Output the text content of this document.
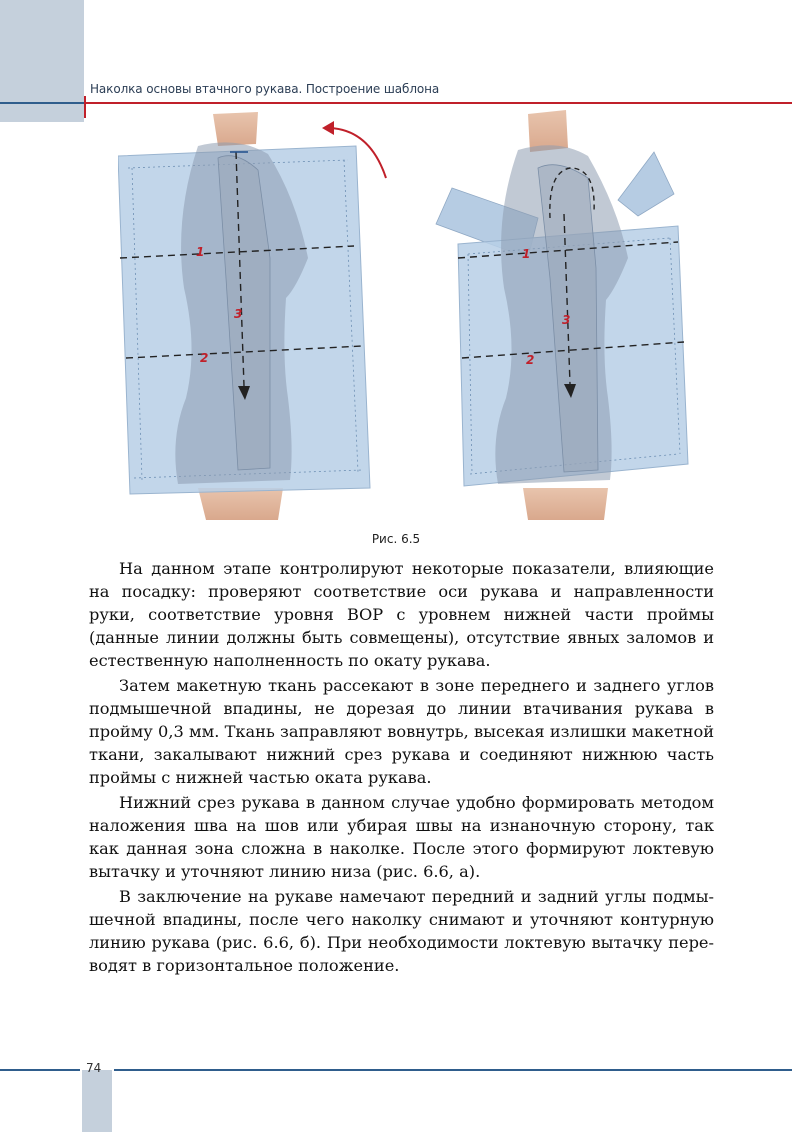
Наколка основы втачного рукава. Построение шаблона
1
2
3
1
2
3
Рис. 6.5

На данном этапе контролируют некоторые показатели, влияющие на посадку: проверяют соответствие оси рукава и направленности руки, соответствие уровня ВОР с уровнем нижней части проймы (данные линии должны быть совмещены), отсутствие явных заломов и естественную наполненность по окату рукава.

Затем макетную ткань рассекают в зоне переднего и заднего углов подмышечной впадины, не дорезая до линии втачивания рукава в пройму 0,3 мм. Ткань заправляют вовнутрь, высекая излишки макетной ткани, закалывают нижний срез рукава и соединяют нижнюю часть проймы с нижней частью оката рукава.

Нижний срез рукава в данном случае удобно формировать методом наложения шва на шов или убирая швы на изнаночную сторону, так как данная зона сложна в наколке. После этого формируют локтевую вытачку и уточняют линию низа (рис. 6.6, а).

В заключение на рукаве намечают передний и задний углы подмышечной впадины, после чего наколку снимают и уточняют контурную линию рукава (рис. 6.6, б). При необходимости локтевую вытачку переводят в горизонтальное положение.

74
